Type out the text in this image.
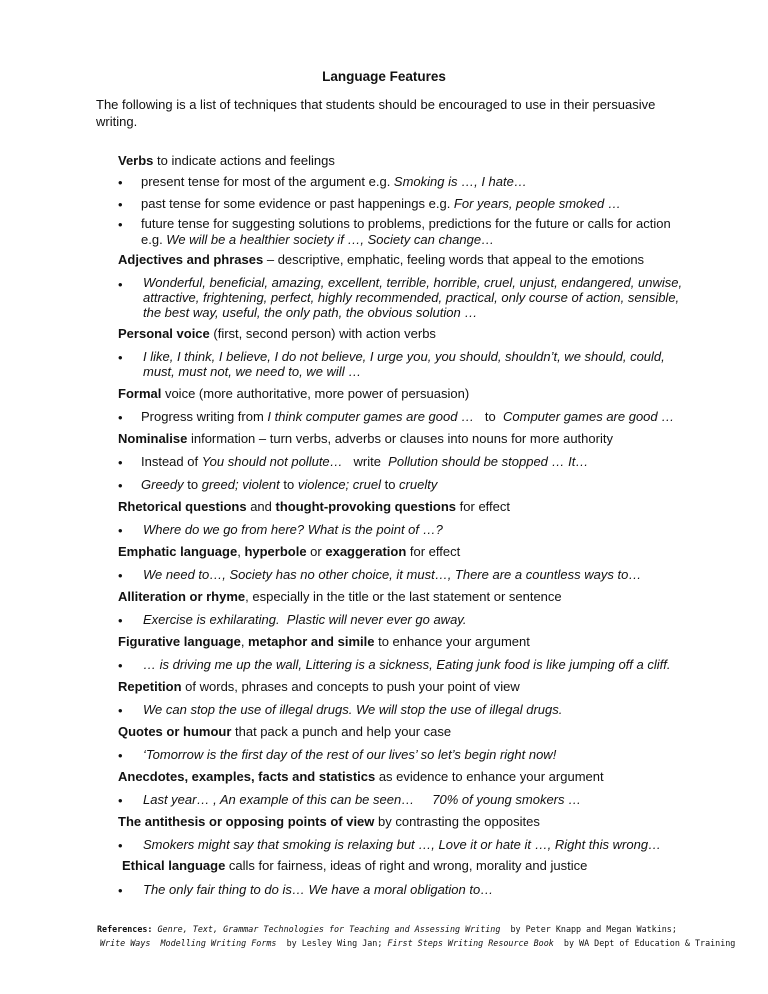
Language Features
The following is a list of techniques that students should be encouraged to use in their persuasive writing.
Verbs to indicate actions and feelings
•	present tense for most of the argument e.g. Smoking is …, I hate…
•	past tense for some evidence or past happenings e.g. For years, people smoked …
•	future tense for suggesting solutions to problems, predictions for the future or calls for action
e.g. We will be a healthier society if …, Society can change…
Adjectives and phrases – descriptive, emphatic, feeling words that appeal to the emotions
•	Wonderful, beneficial, amazing, excellent, terrible, horrible, cruel, unjust, endangered, unwise,
attractive, frightening, perfect, highly recommended, practical, only course of action, sensible,
the best way, useful, the only path, the obvious solution …
Personal voice (first, second person) with action verbs
•	I like, I think, I believe, I do not believe, I urge you, you should, shouldn’t, we should, could,
must, must not, we need to, we will …
Formal voice (more authoritative, more power of persuasion)
•	Progress writing from I think computer games are good …   to  Computer games are good …
Nominalise information – turn verbs, adverbs or clauses into nouns for more authority
•	Instead of You should not pollute…   write  Pollution should be stopped … It…
•	Greedy to greed; violent to violence; cruel to cruelty
Rhetorical questions and thought-provoking questions for effect
•	Where do we go from here? What is the point of …?
Emphatic language, hyperbole or exaggeration for effect
•	We need to…, Society has no other choice, it must…, There are a countless ways to…
Alliteration or rhyme, especially in the title or the last statement or sentence
•	Exercise is exhilarating.  Plastic will never ever go away.
Figurative language, metaphor and simile to enhance your argument
•	… is driving me up the wall, Littering is a sickness, Eating junk food is like jumping off a cliff.
Repetition of words, phrases and concepts to push your point of view
•	We can stop the use of illegal drugs. We will stop the use of illegal drugs.
Quotes or humour that pack a punch and help your case
•	‘Tomorrow is the first day of the rest of our lives’ so let’s begin right now!
Anecdotes, examples, facts and statistics as evidence to enhance your argument
•	Last year… , An example of this can be seen…     70% of young smokers …
The antithesis or opposing points of view by contrasting the opposites
•	Smokers might say that smoking is relaxing but …, Love it or hate it …, Right this wrong…
Ethical language calls for fairness, ideas of right and wrong, morality and justice
•	The only fair thing to do is… We have a moral obligation to…
References: Genre, Text, Grammar Technologies for Teaching and Assessing Writing  by Peter Knapp and Megan Watkins;
Write Ways  Modelling Writing Forms  by Lesley Wing Jan; First Steps Writing Resource Book  by WA Dept of Education & Training
